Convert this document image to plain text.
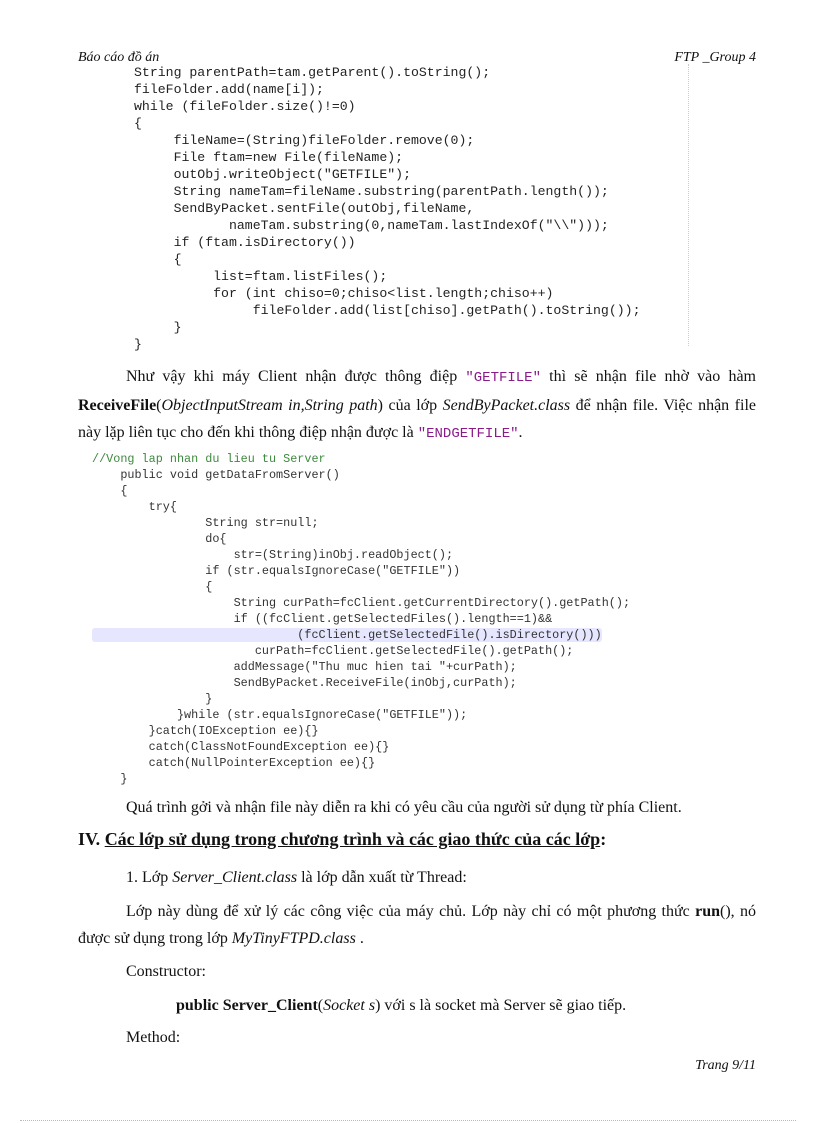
Báo cáo đồ án	FTP _Group 4
String parentPath=tam.getParent().toString();
fileFolder.add(name[i]);
while (fileFolder.size()!=0)
{
fileName=(String)fileFolder.remove(0);
File ftam=new File(fileName);
outObj.writeObject("GETFILE");
String nameTam=fileName.substring(parentPath.length());
SendByPacket.sentFile(outObj,fileName,
nameTam.substring(0,nameTam.lastIndexOf("\\")));
if (ftam.isDirectory())
{
list=ftam.listFiles();
for (int chiso=0;chiso<list.length;chiso++)
fileFolder.add(list[chiso].getPath().toString());
}
}

Như vậy khi máy Client nhận được thông điệp "GETFILE" thì sẽ nhận file nhờ vào hàm ReceiveFile(ObjectInputStream in,String path) của lớp SendByPacket.class để nhận file. Việc nhận file này lặp liên tục cho đến khi thông điệp nhận được là "ENDGETFILE".

//Vong lap nhan du lieu tu Server
public void getDataFromServer()
{
try{
String str=null;
do{
str=(String)inObj.readObject();
if (str.equalsIgnoreCase("GETFILE"))
{
String curPath=fcClient.getCurrentDirectory().getPath();
if ((fcClient.getSelectedFiles().length==1)&&
(fcClient.getSelectedFile().isDirectory()))
curPath=fcClient.getSelectedFile().getPath();
addMessage("Thu muc hien tai "+curPath);
SendByPacket.ReceiveFile(inObj,curPath);
}
}while (str.equalsIgnoreCase("GETFILE"));
}catch(IOException ee){}
catch(ClassNotFoundException ee){}
catch(NullPointerException ee){}
}

Quá trình gởi và nhận file này diễn ra khi có yêu cầu của người sử dụng từ phía Client.

IV. Các lớp sử dụng trong chương trình và các giao thức của các lớp:

1. Lớp Server_Client.class là lớp dẫn xuất từ Thread:

Lớp này dùng để xử lý các công việc của máy chủ. Lớp này chỉ có một phương thức run(), nó được sử dụng trong lớp MyTinyFTPD.class .

Constructor:

public Server_Client(Socket s) với s là socket mà Server sẽ giao tiếp.

Method:

Trang 9/11
